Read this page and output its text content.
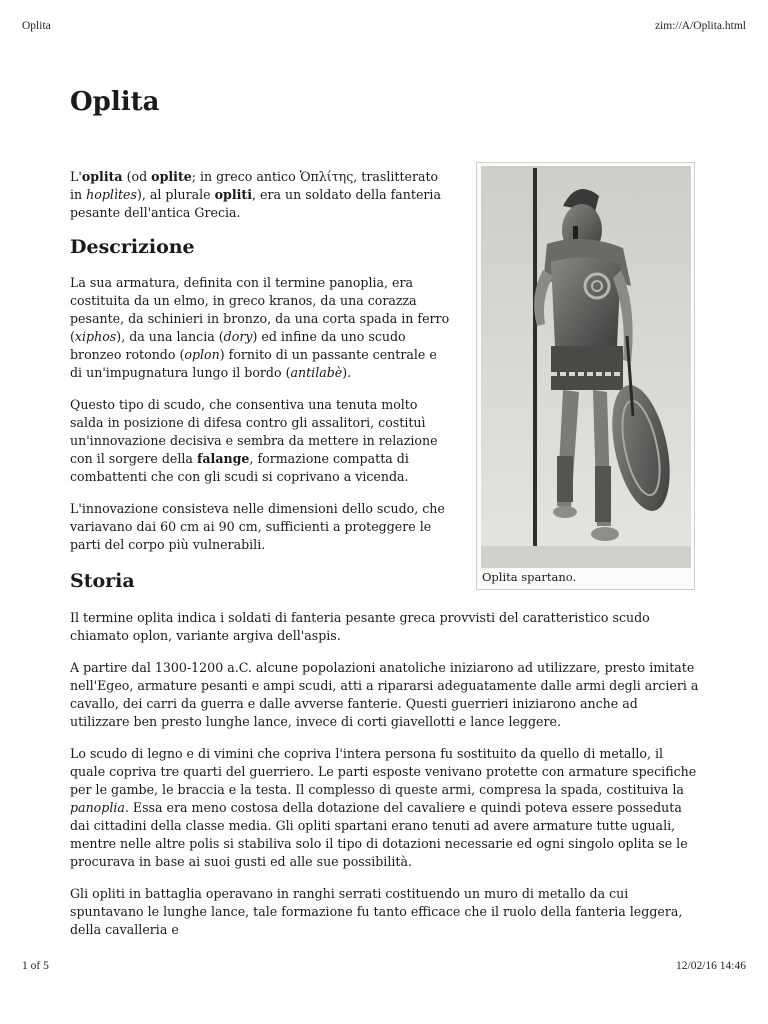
Oplita	zim://A/Oplita.html
Oplita

L'oplita (od oplite; in greco antico Ὁπλίτης, traslitterato in hoplìtes), al plurale opliti, era un soldato della fanteria pesante dell'antica Grecia.

Descrizione

La sua armatura, definita con il termine panoplia, era costituita da un elmo, in greco kranos, da una corazza pesante, da schinieri in bronzo, da una corta spada in ferro (xiphos), da una lancia (dory) ed infine da uno scudo bronzeo rotondo (oplon) fornito di un passante centrale e di un'impugnatura lungo il bordo (antilabè).

Questo tipo di scudo, che consentiva una tenuta molto salda in posizione di difesa contro gli assalitori, costituì un'innovazione decisiva e sembra da mettere in relazione con il sorgere della falange, formazione compatta di combattenti che con gli scudi si coprivano a vicenda.

L'innovazione consisteva nelle dimensioni dello scudo, che variavano dai 60 cm ai 90 cm, sufficienti a proteggere le parti del corpo più vulnerabili.

Storia

Il termine oplita indica i soldati di fanteria pesante greca provvisti del caratteristico scudo chiamato oplon, variante argiva dell'aspis.

A partire dal 1300-1200 a.C. alcune popolazioni anatoliche iniziarono ad utilizzare, presto imitate nell'Egeo, armature pesanti e ampi scudi, atti a ripararsi adeguatamente dalle armi degli arcieri a cavallo, dei carri da guerra e dalle avverse fanterie. Questi guerrieri iniziarono anche ad utilizzare ben presto lunghe lance, invece di corti giavellotti e lance leggere.

Lo scudo di legno e di vimini che copriva l'intera persona fu sostituito da quello di metallo, il quale copriva tre quarti del guerriero. Le parti esposte venivano protette con armature specifiche per le gambe, le braccia e la testa. Il complesso di queste armi, compresa la spada, costituiva la panoplia. Essa era meno costosa della dotazione del cavaliere e quindi poteva essere posseduta dai cittadini della classe media. Gli opliti spartani erano tenuti ad avere armature tutte uguali, mentre nelle altre polis si stabiliva solo il tipo di dotazioni necessarie ed ogni singolo oplita se le procurava in base ai suoi gusti ed alle sue possibilità.

Gli opliti in battaglia operavano in ranghi serrati costituendo un muro di metallo da cui spuntavano le lunghe lance, tale formazione fu tanto efficace che il ruolo della fanteria leggera, della cavalleria e

Oplita spartano.
1 of 5	12/02/16 14:46
